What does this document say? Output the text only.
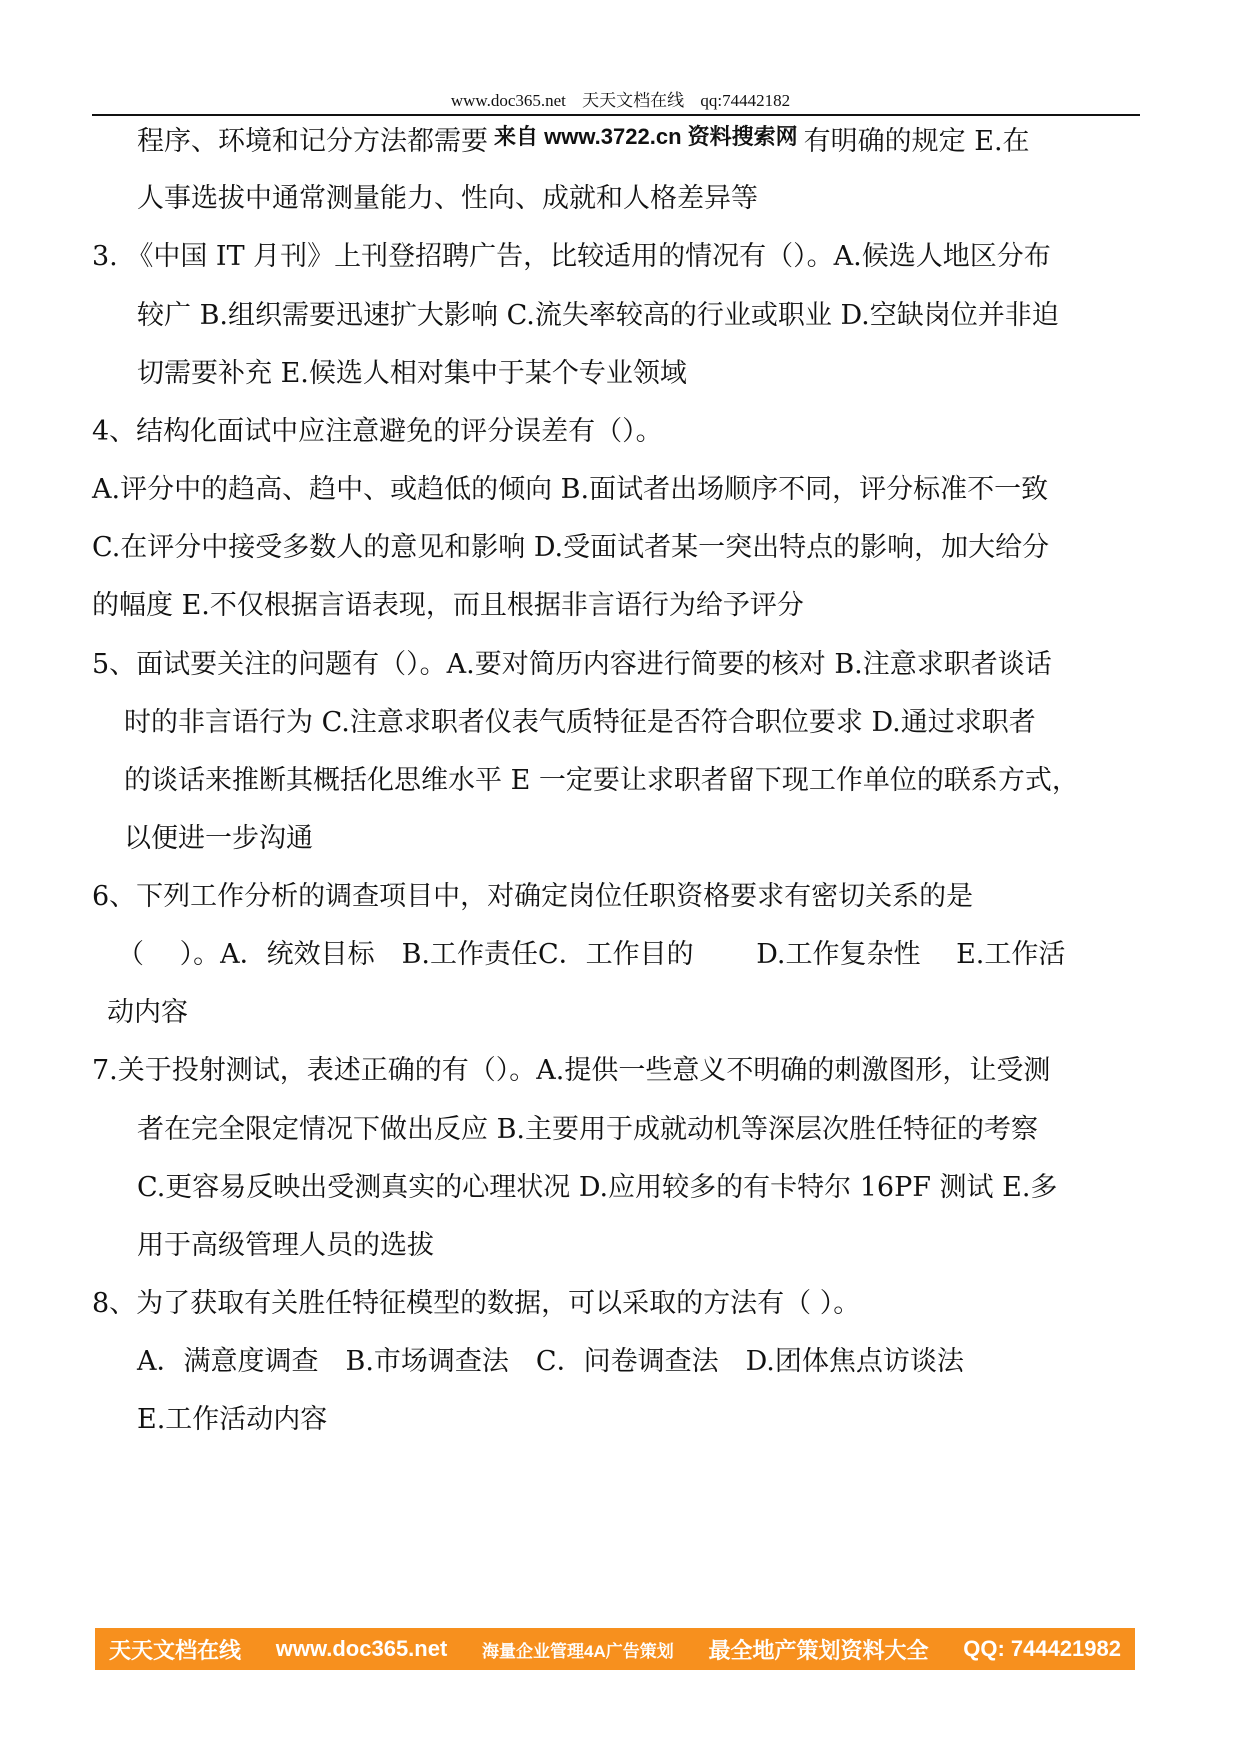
www.doc365.net 天天文档在线 qq:74442182
程序、环境和记分方法都需要 来自 www.3722.cn 资料搜索网 有明确的规定 E.在
人事选拔中通常测量能力、性向、成就和人格差异等
3. 《中国 IT 月刊》上刊登招聘广告，比较适用的情况有（）。A.候选人地区分布
较广 B.组织需要迅速扩大影响 C.流失率较高的行业或职业 D.空缺岗位并非迫
切需要补充 E.候选人相对集中于某个专业领域
4、结构化面试中应注意避免的评分误差有（）。
A.评分中的趋高、趋中、或趋低的倾向 B.面试者出场顺序不同，评分标准不一致
C.在评分中接受多数人的意见和影响 D.受面试者某一突出特点的影响，加大给分
的幅度 E.不仅根据言语表现，而且根据非言语行为给予评分
5、面试要关注的问题有（）。A.要对简历内容进行简要的核对 B.注意求职者谈话
时的非言语行为 C.注意求职者仪表气质特征是否符合职位要求 D.通过求职者
的谈话来推断其概括化思维水平 E 一定要让求职者留下现工作单位的联系方式，
以便进一步沟通
6、下列工作分析的调查项目中，对确定岗位任职资格要求有密切关系的是
（　 ）。A．统效目标　B.工作责任C．工作目的　　 D.工作复杂性　 E.工作活
动内容
7.关于投射测试，表述正确的有（）。A.提供一些意义不明确的刺激图形，让受测
者在完全限定情况下做出反应 B.主要用于成就动机等深层次胜任特征的考察
C.更容易反映出受测真实的心理状况 D.应用较多的有卡特尔 16PF 测试 E.多
用于高级管理人员的选拔
8、为了获取有关胜任特征模型的数据，可以采取的方法有（ ）。
A．满意度调查　B.市场调查法　C．问卷调查法　D.团体焦点访谈法
E.工作活动内容
天天文档在线 www.doc365.net 海量企业管理4A广告策划 最全地产策划资料大全 QQ: 744421982
